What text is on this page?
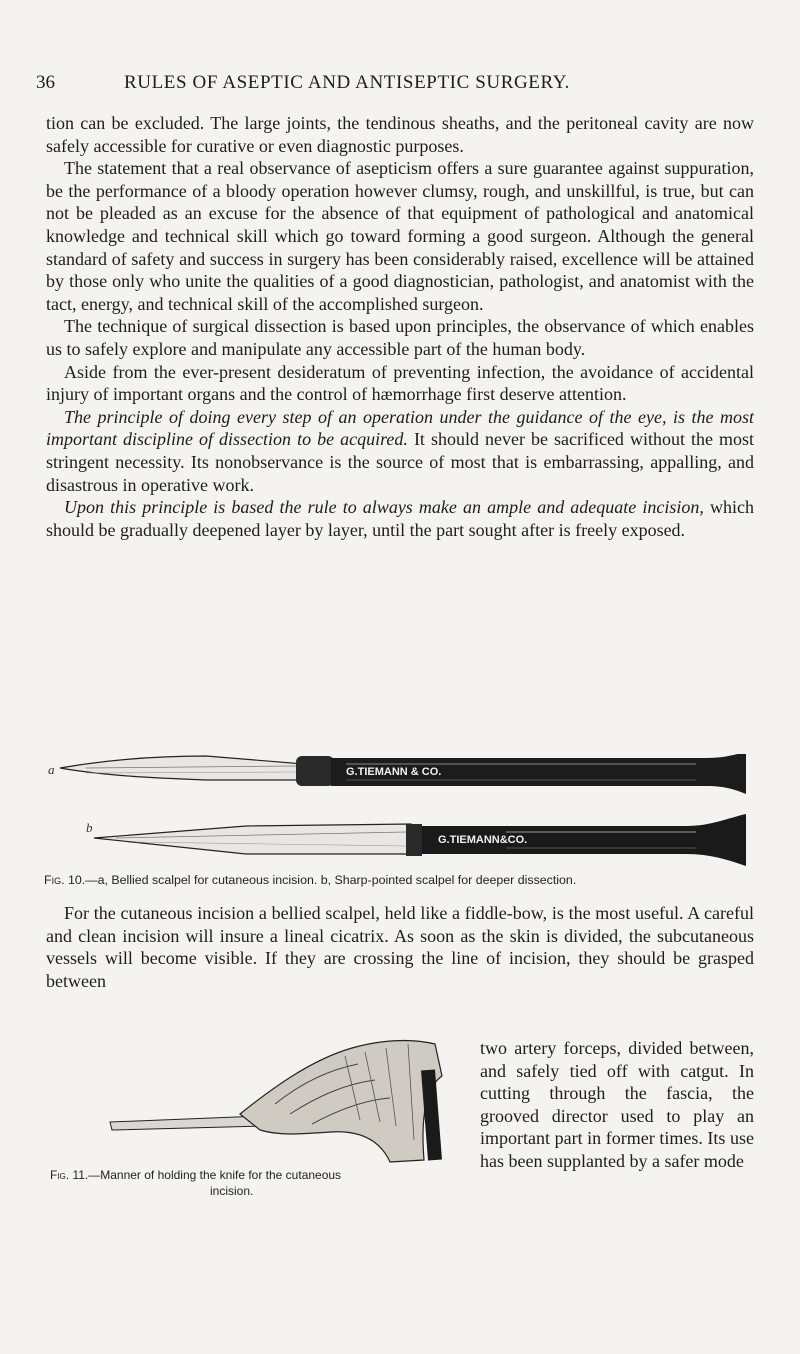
36	RULES OF ASEPTIC AND ANTISEPTIC SURGERY.

tion can be excluded. The large joints, the tendinous sheaths, and the peritoneal cavity are now safely accessible for curative or even diagnostic purposes.

The statement that a real observance of asepticism offers a sure guarantee against suppuration, be the performance of a bloody operation however clumsy, rough, and unskillful, is true, but can not be pleaded as an excuse for the absence of that equipment of pathological and anatomical knowledge and technical skill which go toward forming a good surgeon. Although the general standard of safety and success in surgery has been considerably raised, excellence will be attained by those only who unite the qualities of a good diagnostician, pathologist, and anatomist with the tact, energy, and technical skill of the accomplished surgeon.

The technique of surgical dissection is based upon principles, the observance of which enables us to safely explore and manipulate any accessible part of the human body.

Aside from the ever-present desideratum of preventing infection, the avoidance of accidental injury of important organs and the control of hæmorrhage first deserve attention.

The principle of doing every step of an operation under the guidance of the eye, is the most important discipline of dissection to be acquired. It should never be sacrificed without the most stringent necessity. Its nonobservance is the source of most that is embarrassing, appalling, and disastrous in operative work.

Upon this principle is based the rule to always make an ample and adequate incision, which should be gradually deepened layer by layer, until the part sought after is freely exposed.

a	G.TIEMANN & CO.
b
G.TIEMANN&CO.
Fig. 10.—a, Bellied scalpel for cutaneous incision. b, Sharp-pointed scalpel for deeper dissection.

For the cutaneous incision a bellied scalpel, held like a fiddle-bow, is the most useful. A careful and clean incision will insure a lineal cicatrix. As soon as the skin is divided, the subcutaneous vessels will become visible. If they are crossing the line of incision, they should be grasped between

Fig. 11.—Manner of holding the knife for the cutaneous
incision.
two artery forceps, divided between, and safely tied off with catgut. In cutting through the fascia, the grooved director used to play an important part in former times. Its use has been supplanted by a safer mode
